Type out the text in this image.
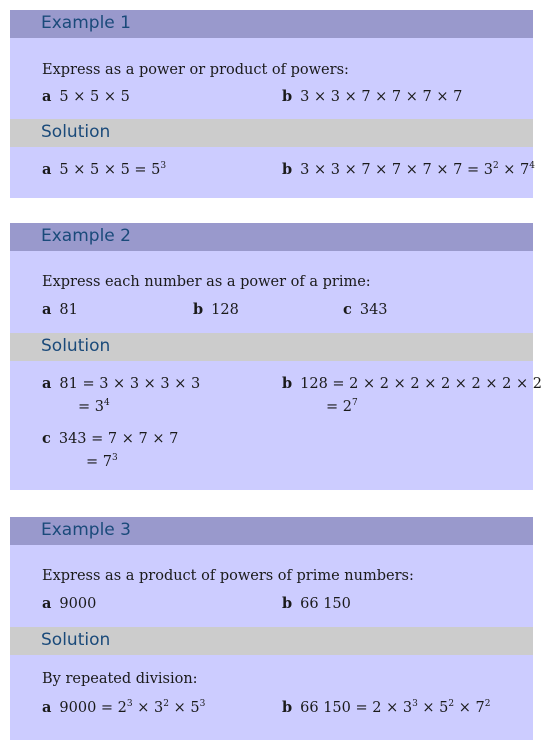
Example 1
Express as a power or product of powers:
a 5 × 5 × 5	b 3 × 3 × 7 × 7 × 7 × 7
Solution
a $5 \times 5 \times 5 = 5^3$	b $3 \times 3 \times 7 \times 7 \times 7 \times 7 = 3^2 \times 7^4$
Example 2
Express each number as a power of a prime:
a 81	b 128	c 343
Solution
a 81 = 3 × 3 × 3 × 3
= $3^4$
b 128 = 2 × 2 × 2 × 2 × 2 × 2 × 2
= $2^7$
c 343 = 7 × 7 × 7
= $7^3$
Example 3
Express as a product of powers of prime numbers:
a 9000	b 66 150
Solution
By repeated division:
a $9000 = 2^3 \times 3^2 \times 5^3$	b 66 $150 = 2 \times 3^3 \times 5^2 \times 7^2$
